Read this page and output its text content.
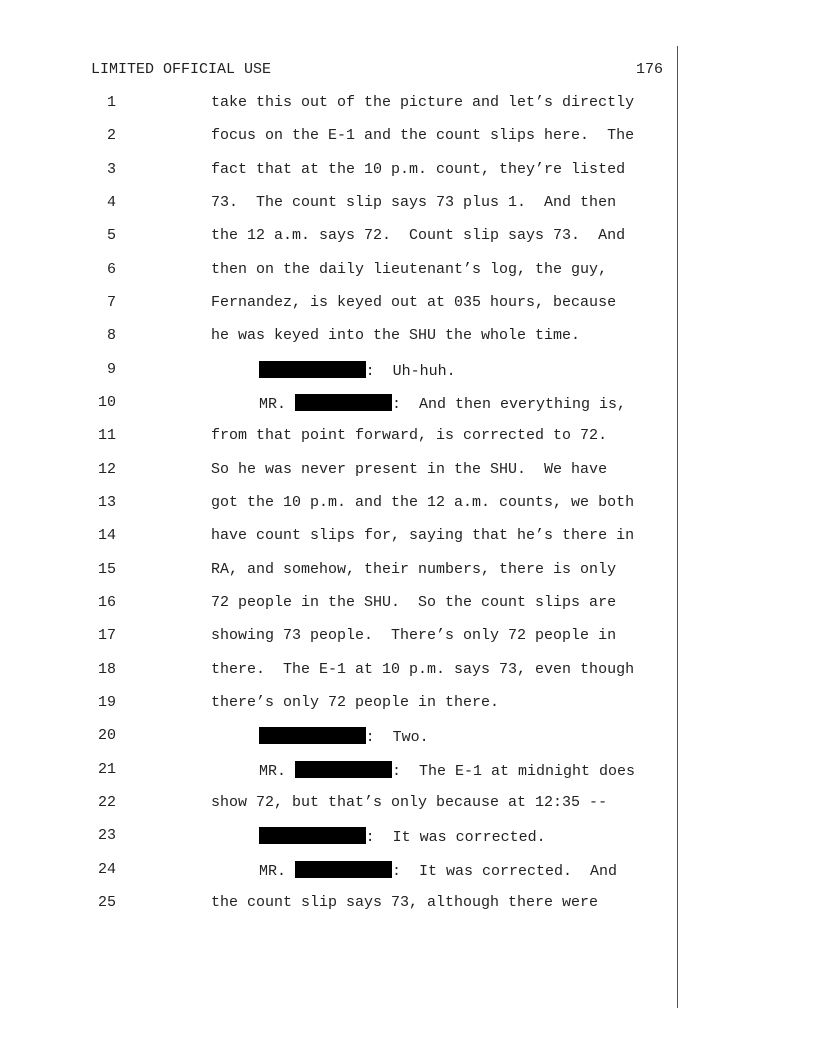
LIMITED OFFICIAL USE	176
1	take this out of the picture and let’s directly
2	focus on the E-1 and the count slips here.  The
3	fact that at the 10 p.m. count, they’re listed
4	73.  The count slip says 73 plus 1.  And then
5	the 12 a.m. says 72.  Count slip says 73.  And
6	then on the daily lieutenant’s log, the guy,
7	Fernandez, is keyed out at 035 hours, because
8	he was keyed into the SHU the whole time.
9	:  Uh-huh.
10	MR.	:  And then everything is,
11	from that point forward, is corrected to 72.
12	So he was never present in the SHU.  We have
13	got the 10 p.m. and the 12 a.m. counts, we both
14	have count slips for, saying that he’s there in
15	RA, and somehow, their numbers, there is only
16	72 people in the SHU.  So the count slips are
17	showing 73 people.  There’s only 72 people in
18	there.  The E-1 at 10 p.m. says 73, even though
19	there’s only 72 people in there.
20	:  Two.
21	MR.	:  The E-1 at midnight does
22	show 72, but that’s only because at 12:35 --
23	:  It was corrected.
24	MR.	:  It was corrected.  And
25	the count slip says 73, although there were
